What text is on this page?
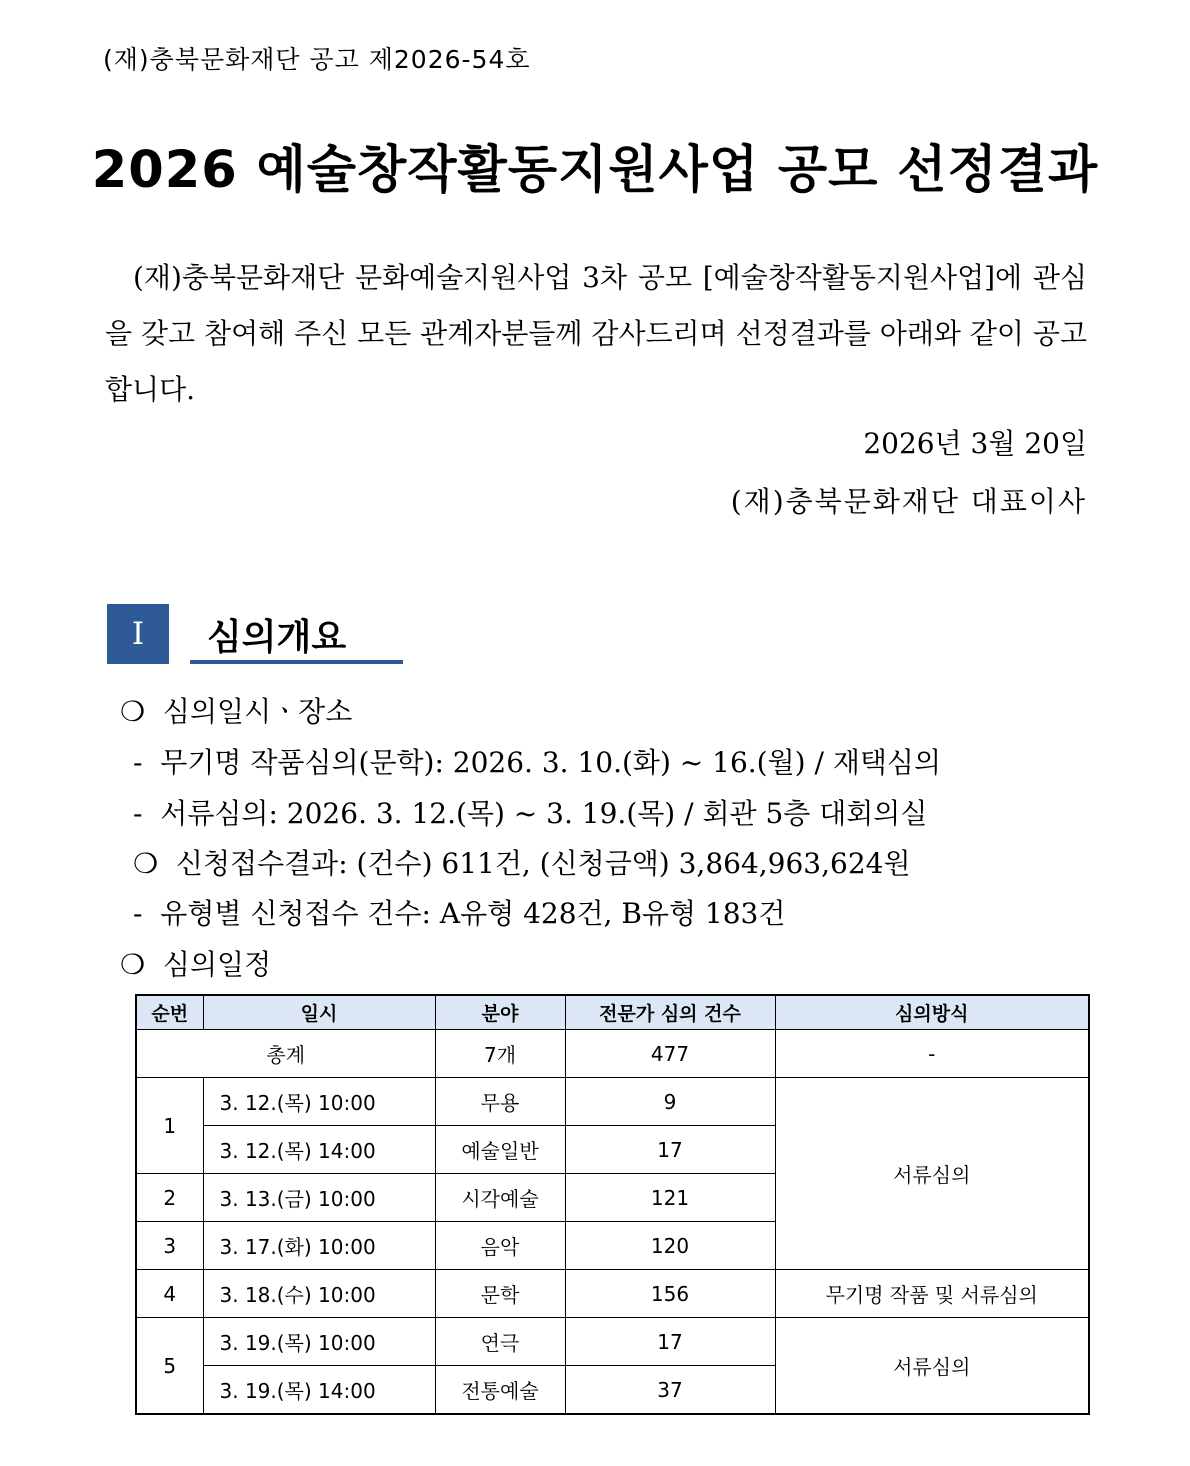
(재)충북문화재단 공고 제2026-54호
2026 예술창작활동지원사업 공모 선정결과

(재)충북문화재단 문화예술지원사업 3차 공모 [예술창작활동지원사업]에 관심을 갖고 참여해 주신 모든 관계자분들께 감사드리며 선정결과를 아래와 같이 공고합니다.

2026년 3월 20일
(재)충북문화재단 대표이사
I	심의개요
❍ 심의일시ㆍ장소
- 무기명 작품심의(문학): 2026. 3. 10.(화) ~ 16.(월) / 재택심의
- 서류심의: 2026. 3. 12.(목) ~ 3. 19.(목) / 회관 5층 대회의실
❍ 신청접수결과: (건수) 611건, (신청금액) 3,864,963,624원
- 유형별 신청접수 건수: A유형 428건, B유형 183건
❍ 심의일정
순번	일시	분야	전문가 심의 건수	심의방식
총계		7개	477	-
1	3. 12.(목) 10:00	무용	9	서류심의
	3. 12.(목) 14:00	예술일반	17	
2	3. 13.(금) 10:00	시각예술	121	
3	3. 17.(화) 10:00	음악	120	
4	3. 18.(수) 10:00	문학	156	무기명 작품 및 서류심의
5	3. 19.(목) 10:00	연극	17	서류심의
	3. 19.(목) 14:00	전통예술	37	
